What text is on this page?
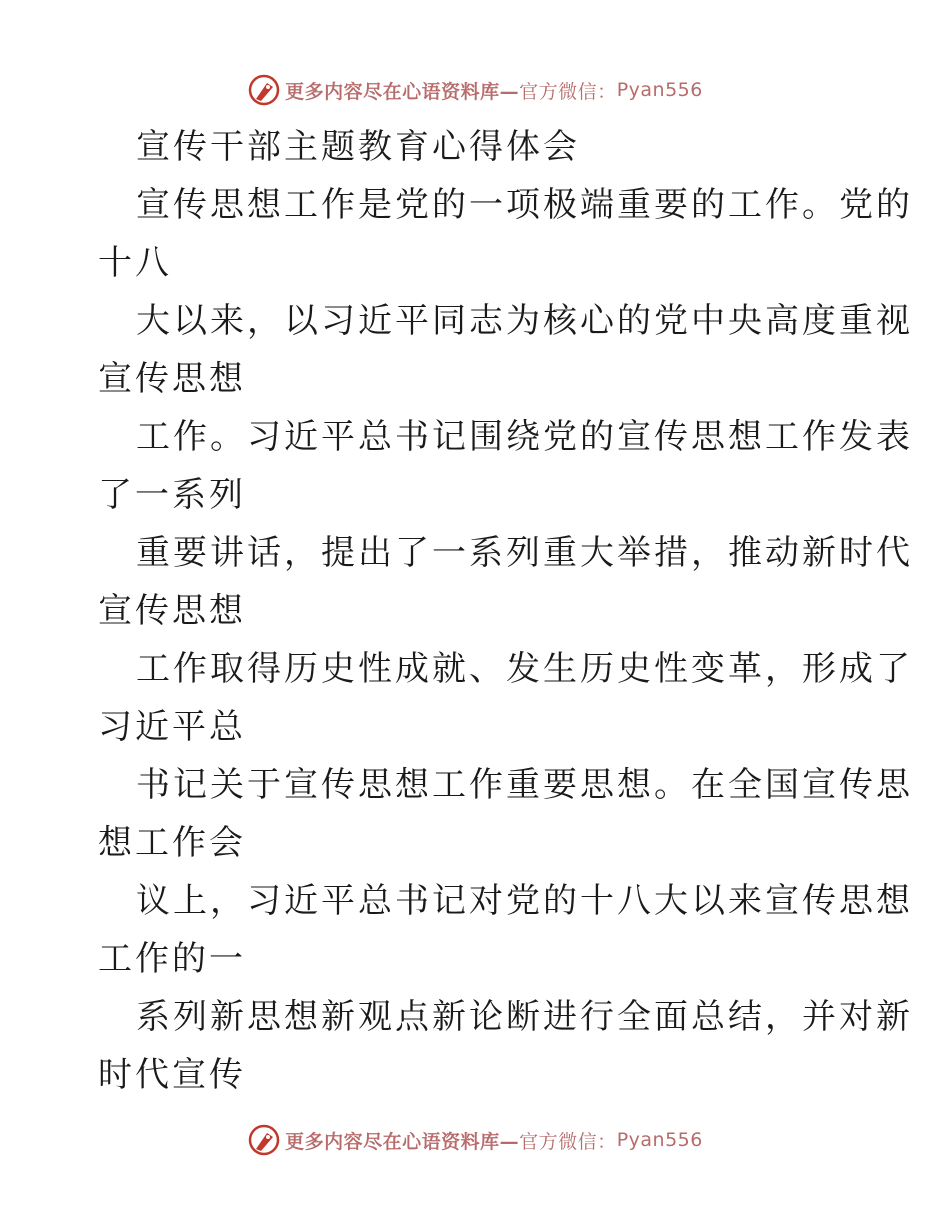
更多内容尽在心语资料库— 官方微信： Pyan556
宣传干部主题教育心得体会
宣传思想工作是党的一项极端重要的工作。党的
十八
大以来，以习近平同志为核心的党中央高度重视
宣传思想
工作。习近平总书记围绕党的宣传思想工作发表
了一系列
重要讲话，提出了一系列重大举措，推动新时代
宣传思想
工作取得历史性成就、发生历史性变革，形成了
习近平总
书记关于宣传思想工作重要思想。在全国宣传思
想工作会
议上，习近平总书记对党的十八大以来宣传思想
工作的一
系列新思想新观点新论断进行全面总结，并对新
时代宣传
更多内容尽在心语资料库— 官方微信： Pyan556
